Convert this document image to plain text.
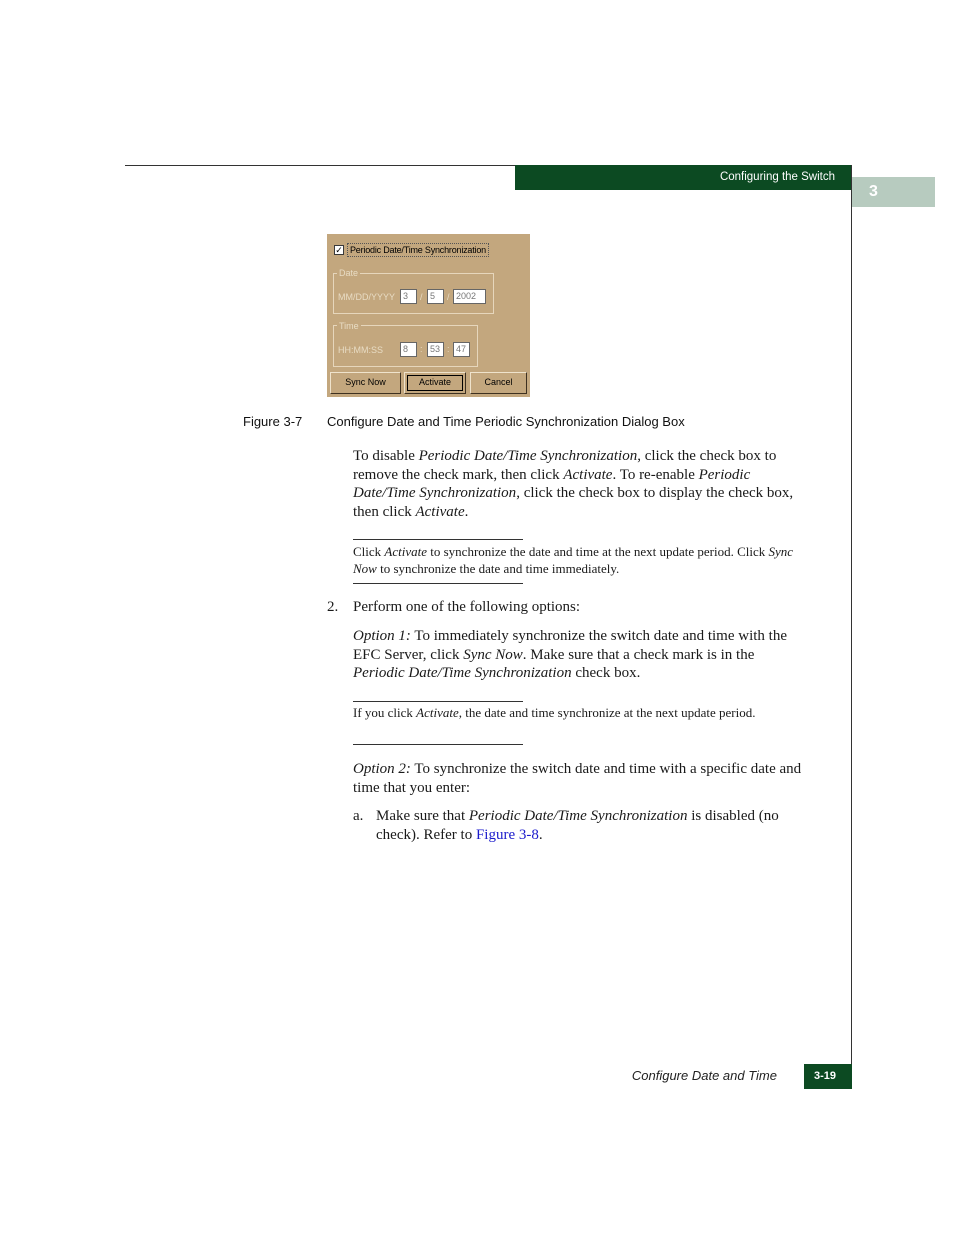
Configuring the Switch
3
✓ Periodic Date/Time Synchronization
Date
MM/DD/YYYY 3	/ 5	/ 2002
Time
HH:MM:SS	8	: 53 : 47
Sync Now	Activate	Cancel
Figure 3-7 Configure Date and Time Periodic Synchronization Dialog Box
To disable Periodic Date/Time Synchronization, click the check box to remove the check mark, then click Activate. To re-enable Periodic Date/Time Synchronization, click the check box to display the check box, then click Activate.
Click Activate to synchronize the date and time at the next update period. Click Sync Now to synchronize the date and time immediately.
2. Perform one of the following options:
Option 1: To immediately synchronize the switch date and time with the EFC Server, click Sync Now. Make sure that a check mark is in the Periodic Date/Time Synchronization check box.
If you click Activate, the date and time synchronize at the next update period.
Option 2: To synchronize the switch date and time with a specific date and time that you enter:
a. Make sure that Periodic Date/Time Synchronization is disabled (no check). Refer to Figure 3-8.
Configure Date and Time	3-19
